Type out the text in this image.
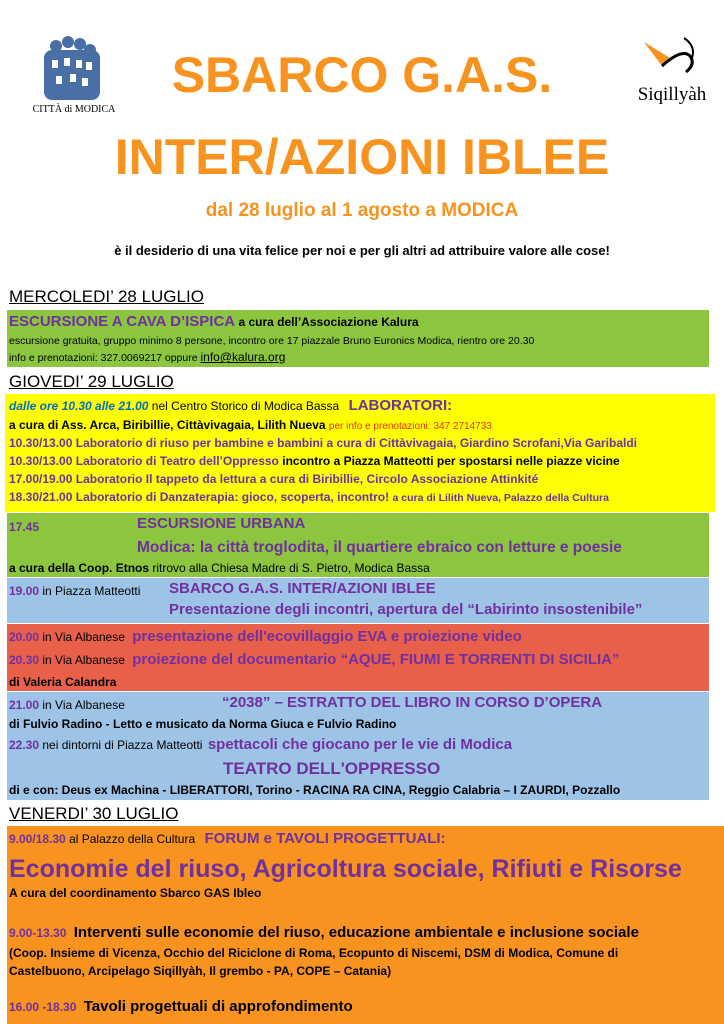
CITTÀ di MODICA
Siqillyàh
SBARCO G.A.S.
INTER/AZIONI IBLEE
dal 28 luglio al 1 agosto a MODICA
è il desiderio di una vita felice per noi e per gli altri ad attribuire valore alle cose!
MERCOLEDI’ 28 LUGLIO
ESCURSIONE A CAVA D’ISPICA a cura dell’Associazione Kalura
escursione gratuita, gruppo minimo 8 persone, incontro ore 17 piazzale Bruno Euronics Modica, rientro ore 20.30
info e prenotazioni: 327.0069217 oppure info@kalura.org
GIOVEDI’ 29 LUGLIO
dalle ore 10.30 alle 21.00 nel Centro Storico di Modica Bassa LABORATORI:
a cura di Ass. Arca, Biribillie, Cittàvivagaia, Lilith Nueva per info e prenotazioni: 347 2714733
10.30/13.00 Laboratorio di riuso per bambine e bambini a cura di Cittàvivagaia, Giardino Scrofani,Via Garibaldi
10.30/13.00 Laboratorio di Teatro dell’Oppresso incontro a Piazza Matteotti per spostarsi nelle piazze vicine
17.00/19.00 Laboratorio Il tappeto da lettura a cura di Biribillie, Circolo Associazione Attinkité
18.30/21.00 Laboratorio di Danzaterapia: gioco, scoperta, incontro! a cura di Lilith Nueva, Palazzo della Cultura
17.45	ESCURSIONE URBANA
Modica: la città troglodita, il quartiere ebraico con letture e poesie
a cura della Coop. Etnos ritrovo alla Chiesa Madre di S. Pietro, Modica Bassa
19.00 in Piazza Matteotti SBARCO G.A.S. INTER/AZIONI IBLEE
Presentazione degli incontri, apertura del “Labirinto insostenibile”
20.00 in Via Albanese presentazione dell'ecovillaggio EVA e proiezione video
20.30 in Via Albanese proiezione del documentario “AQUE, FIUMI E TORRENTI DI SICILIA”
di Valeria Calandra
21.00 in Via Albanese	“2038” – ESTRATTO DEL LIBRO IN CORSO D’OPERA
di Fulvio Radino - Letto e musicato da Norma Giuca e Fulvio Radino
22.30 nei dintorni di Piazza Matteotti spettacoli che giocano per le vie di Modica
TEATRO DELL'OPPRESSO
di e con: Deus ex Machina - LIBERATTORI, Torino - RACINA RA CINA, Reggio Calabria – I ZAURDI, Pozzallo
VENERDI’ 30 LUGLIO
9.00/18.30 al Palazzo della Cultura FORUM e TAVOLI PROGETTUALI:
Economie del riuso, Agricoltura sociale, Rifiuti e Risorse
A cura del coordinamento Sbarco GAS Ibleo
9.00-13.30 Interventi sulle economie del riuso, educazione ambientale e inclusione sociale
(Coop. Insieme di Vicenza, Occhio del Riciclone di Roma, Ecopunto di Niscemi, DSM di Modica, Comune di
Castelbuono, Arcipelago Siqillyàh, Il grembo - PA, COPE – Catania)
16.00 -18.30 Tavoli progettuali di approfondimento
